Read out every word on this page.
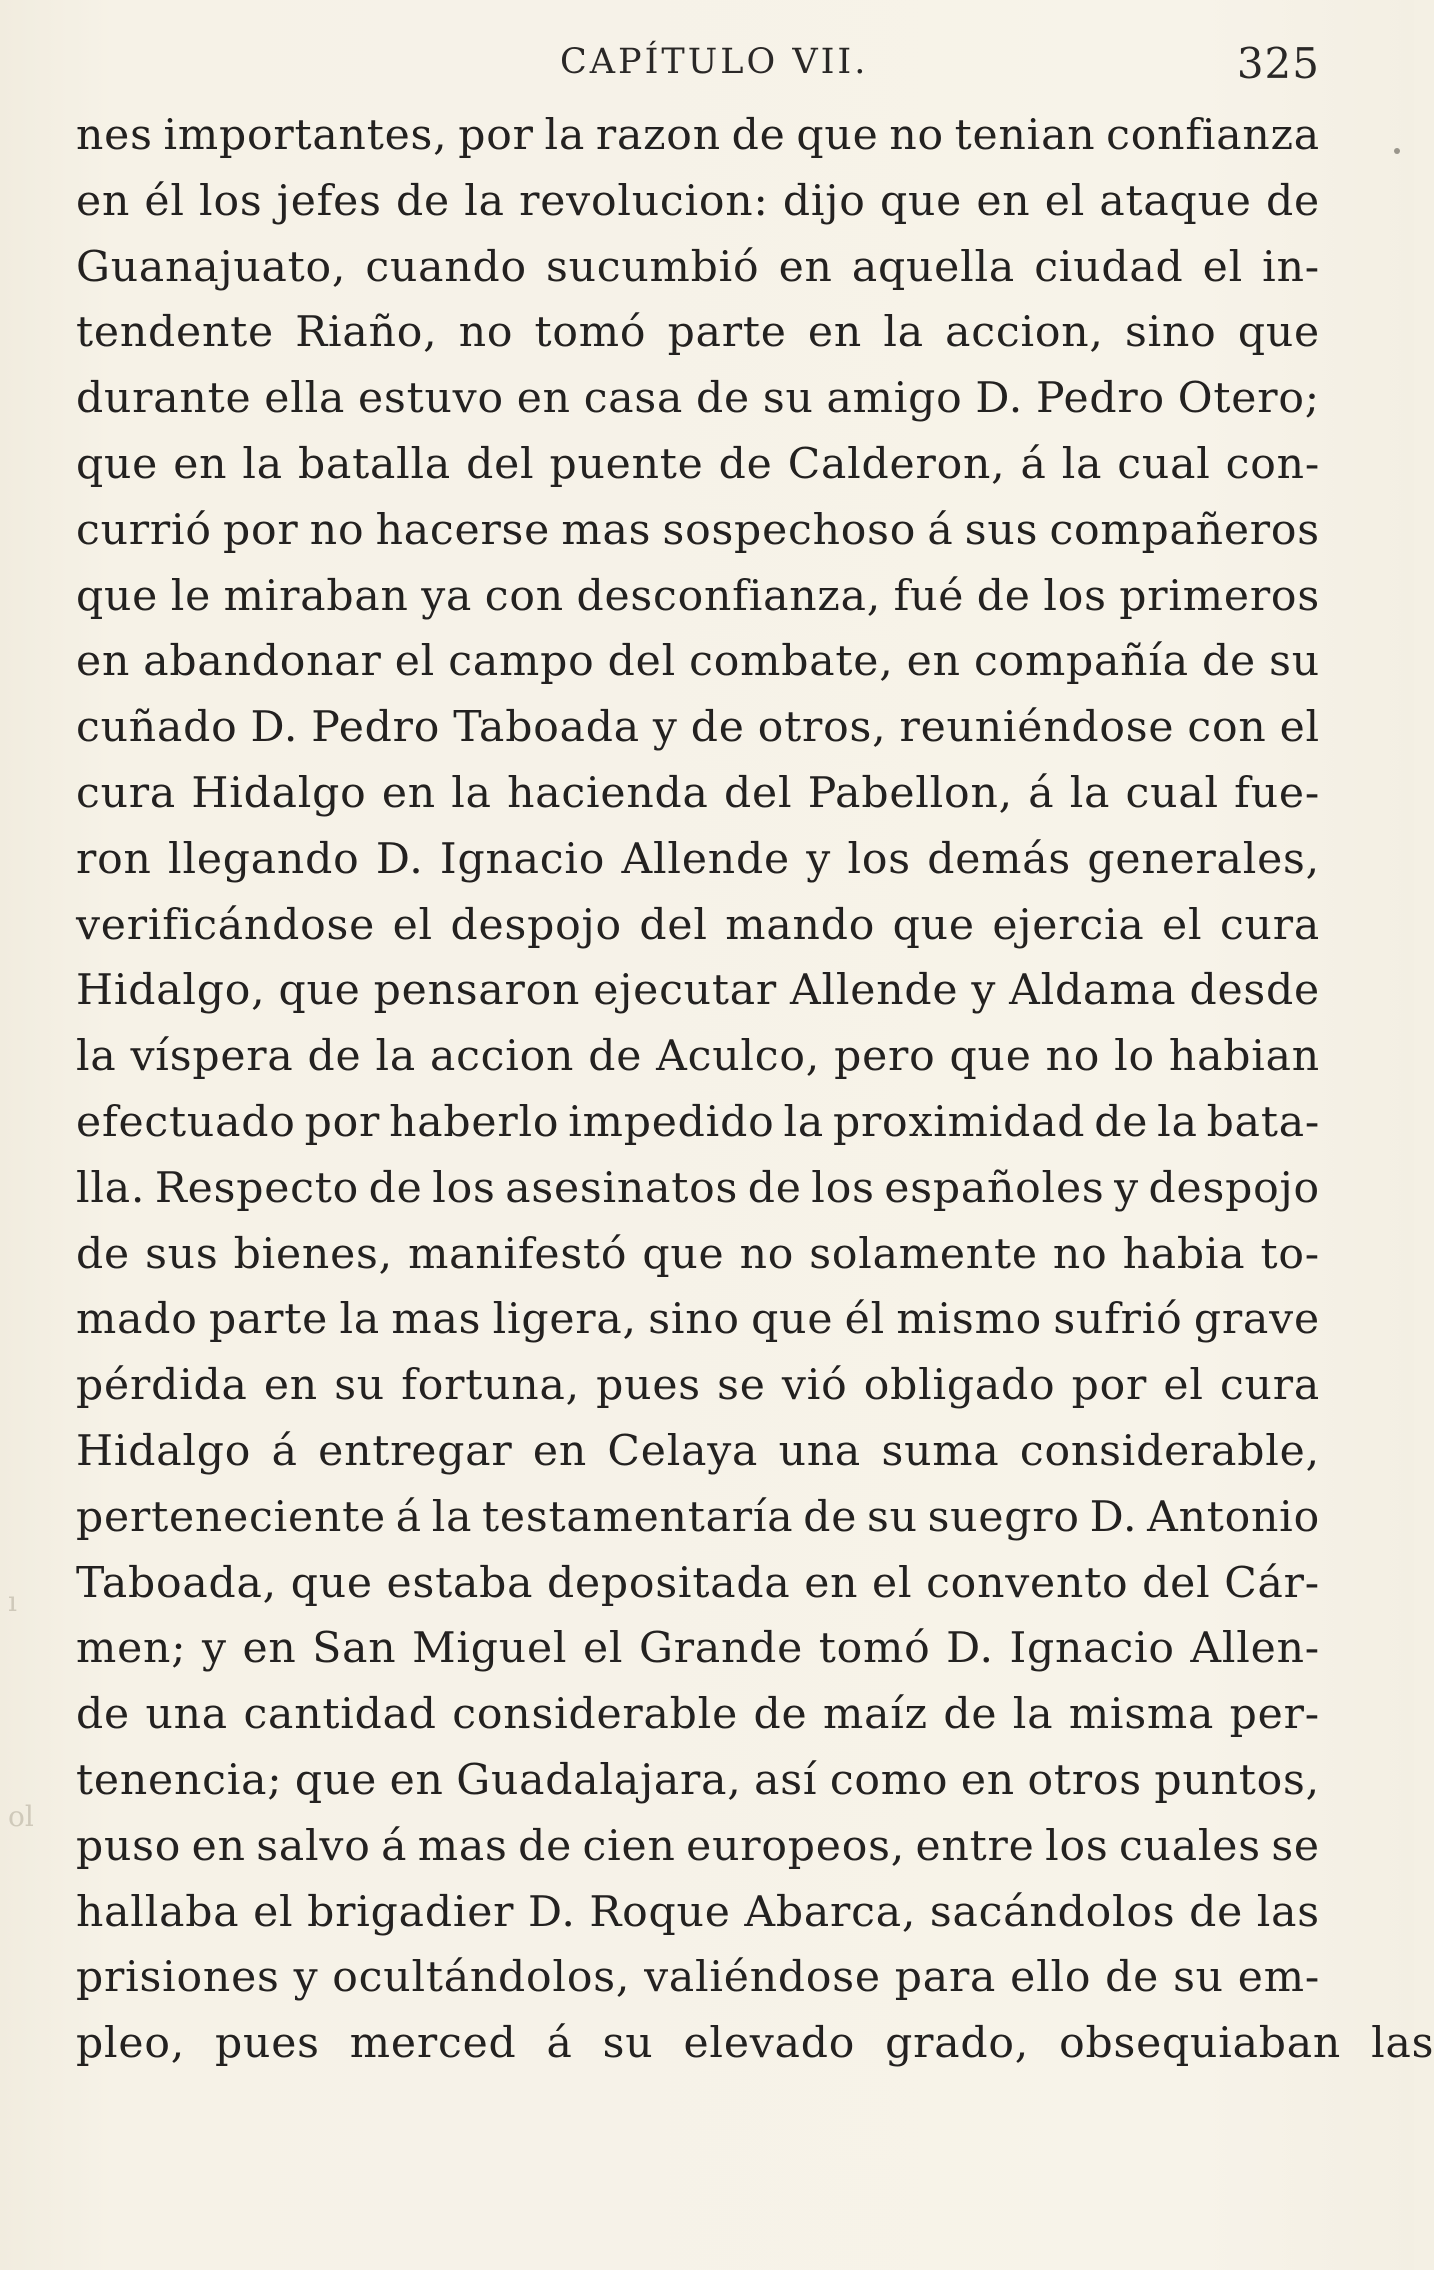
CAPÍTULO VII.	325
ı
ol
nes importantes, por la razon de que no tenian confianza
en él los jefes de la revolucion: dijo que en el ataque de
Guanajuato, cuando sucumbió en aquella ciudad el in-
tendente Riaño, no tomó parte en la accion, sino que
durante ella estuvo en casa de su amigo D. Pedro Otero;
que en la batalla del puente de Calderon, á la cual con-
currió por no hacerse mas sospechoso á sus compañeros
que le miraban ya con desconfianza, fué de los primeros
en abandonar el campo del combate, en compañía de su
cuñado D. Pedro Taboada y de otros, reuniéndose con el
cura Hidalgo en la hacienda del Pabellon, á la cual fue-
ron llegando D. Ignacio Allende y los demás generales,
verificándose el despojo del mando que ejercia el cura
Hidalgo, que pensaron ejecutar Allende y Aldama desde
la víspera de la accion de Aculco, pero que no lo habian
efectuado por haberlo impedido la proximidad de la bata-
lla. Respecto de los asesinatos de los españoles y despojo
de sus bienes, manifestó que no solamente no habia to-
mado parte la mas ligera, sino que él mismo sufrió grave
pérdida en su fortuna, pues se vió obligado por el cura
Hidalgo á entregar en Celaya una suma considerable,
perteneciente á la testamentaría de su suegro D. Antonio
Taboada, que estaba depositada en el convento del Cár-
men; y en San Miguel el Grande tomó D. Ignacio Allen-
de una cantidad considerable de maíz de la misma per-
tenencia; que en Guadalajara, así como en otros puntos,
puso en salvo á mas de cien europeos, entre los cuales se
hallaba el brigadier D. Roque Abarca, sacándolos de las
prisiones y ocultándolos, valiéndose para ello de su em-
pleo, pues merced á su elevado grado, obsequiaban las
